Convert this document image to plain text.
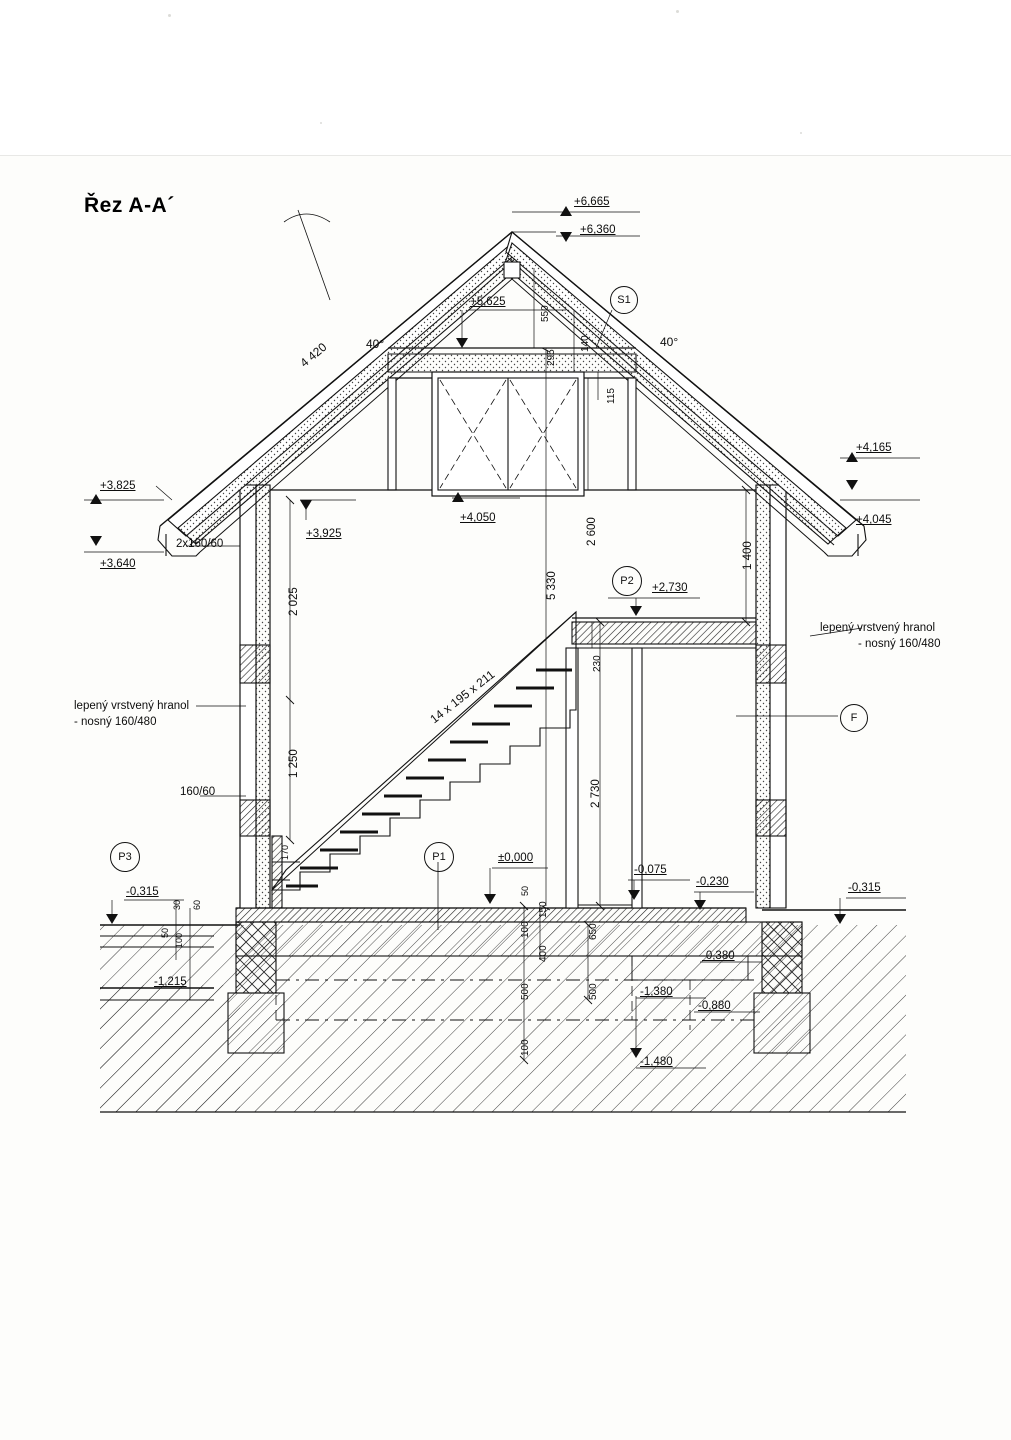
Řez A-A´	+6,665
+6,360
+5,625
+4,165
+4,050	+4,045
+3,925
+3,825
+3,640
+2,730
±0,000
-0,075
-0,230
-0,315	-0,315
-0,380
-0,880
-1,380
-1,480
-1,215
4 420	40°	40°
550
295
140
115
2 600
5 330
2 025
1 250
170
1 400
230
2 730
50
150
100
400
500
650
500
100
30 60
50 100
14 x 195 x 211
2x160/60
160/60
lepený vrstvený hranol
- nosný 160/480
lepený vrstvený hranol
- nosný 160/480
S1
F
P1
P2
P3
